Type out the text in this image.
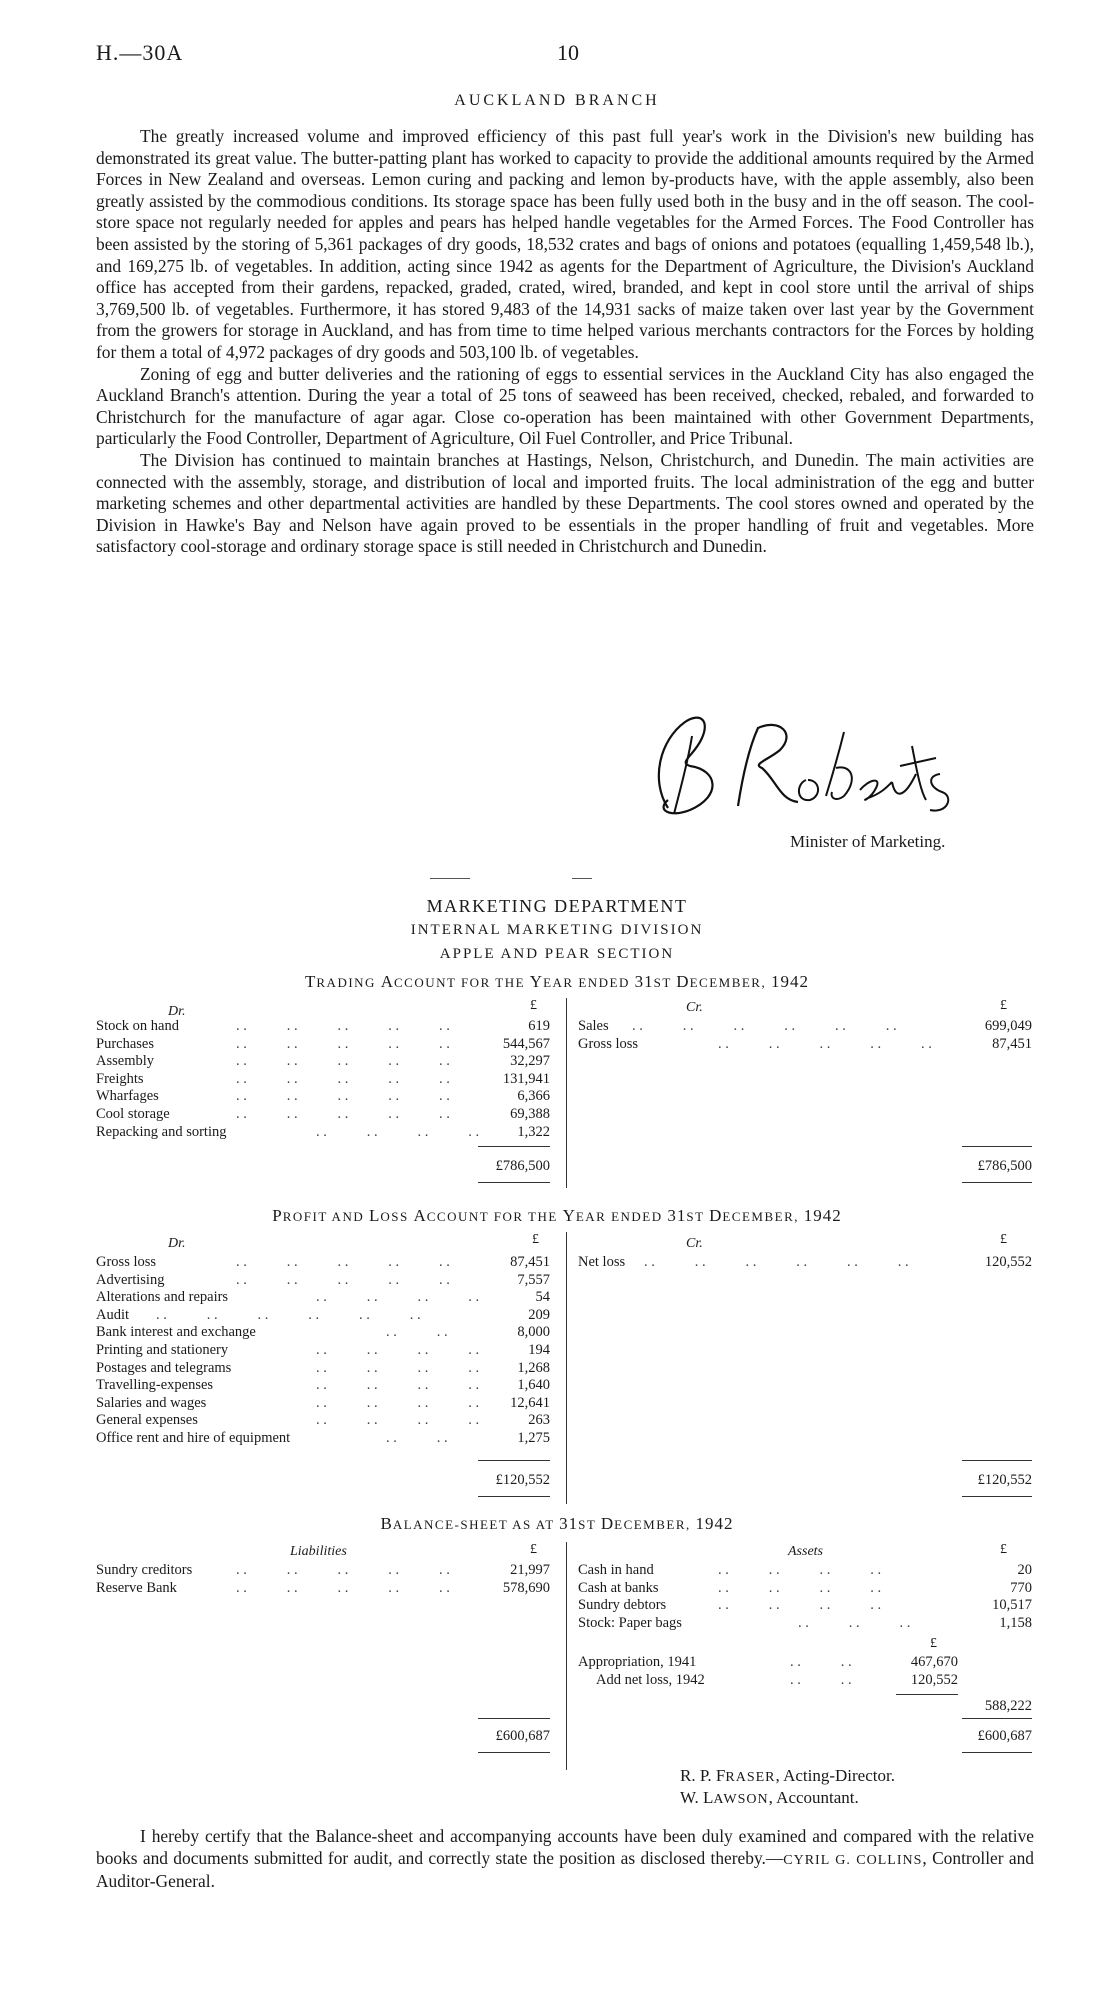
H.—30A	10
AUCKLAND BRANCH

The greatly increased volume and improved efficiency of this past full year's work in the Division's new building has demonstrated its great value. The butter-patting plant has worked to capacity to provide the additional amounts required by the Armed Forces in New Zealand and overseas. Lemon curing and packing and lemon by-products have, with the apple assembly, also been greatly assisted by the commodious conditions. Its storage space has been fully used both in the busy and in the off season. The cool-store space not regularly needed for apples and pears has helped handle vegetables for the Armed Forces. The Food Controller has been assisted by the storing of 5,361 packages of dry goods, 18,532 crates and bags of onions and potatoes (equalling 1,459,548 lb.), and 169,275 lb. of vegetables. In addition, acting since 1942 as agents for the Department of Agriculture, the Division's Auckland office has accepted from their gardens, repacked, graded, crated, wired, branded, and kept in cool store until the arrival of ships 3,769,500 lb. of vegetables. Furthermore, it has stored 9,483 of the 14,931 sacks of maize taken over last year by the Government from the growers for storage in Auckland, and has from time to time helped various merchants contractors for the Forces by holding for them a total of 4,972 packages of dry goods and 503,100 lb. of vegetables.

Zoning of egg and butter deliveries and the rationing of eggs to essential services in the Auckland City has also engaged the Auckland Branch's attention. During the year a total of 25 tons of seaweed has been received, checked, rebaled, and forwarded to Christchurch for the manufacture of agar agar. Close co-operation has been maintained with other Government Departments, particularly the Food Controller, Department of Agriculture, Oil Fuel Controller, and Price Tribunal.

The Division has continued to maintain branches at Hastings, Nelson, Christchurch, and Dunedin. The main activities are connected with the assembly, storage, and distribution of local and imported fruits. The local administration of the egg and butter marketing schemes and other departmental activities are handled by these Departments. The cool stores owned and operated by the Division in Hawke's Bay and Nelson have again proved to be essentials in the proper handling of fruit and vegetables. More satisfactory cool-storage and ordinary storage space is still needed in Christchurch and Dunedin.

Minister of Marketing.
MARKETING DEPARTMENT
INTERNAL MARKETING DIVISION
APPLE AND PEAR SECTION
TRADING ACCOUNT FOR THE YEAR ENDED 31ST DECEMBER, 1942
Dr.	£	Cr.	£
Stock on hand	. .           . .           . .           . .           . .	619
Purchases	. .           . .           . .           . .           . .	544,567
Assembly	. .           . .           . .           . .           . .	32,297
Freights	. .           . .           . .           . .           . .	131,941
Wharfages	. .           . .           . .           . .           . .	6,366
Cool storage	. .           . .           . .           . .           . .	69,388
Repacking and sorting	. .           . .           . .           . .	1,322
Sales . .           . .           . .           . .           . .           . .	699,049
Gross loss	. .           . .           . .           . .           . .	87,451
£786,500	£786,500
PROFIT AND LOSS ACCOUNT FOR THE YEAR ENDED 31ST DECEMBER, 1942
Dr.	£	Cr.	£
Gross loss	. .           . .           . .           . .           . .	87,451
Advertising	. .           . .           . .           . .           . .	7,557
Alterations and repairs	. .           . .           . .           . .	54
Audit . .           . .           . .           . .           . .           . .	209
Bank interest and exchange	. .           . .	8,000
Printing and stationery	. .           . .           . .           . .	194
Postages and telegrams	. .           . .           . .           . .	1,268
Travelling-expenses	. .           . .           . .           . .	1,640
Salaries and wages	. .           . .           . .           . . 12,641
General expenses	. .           . .           . .           . .	263
Office rent and hire of equipment	. .           . .	1,275
Net loss . .           . .           . .           . .           . .           . .	120,552
£120,552	£120,552
BALANCE-SHEET AS AT 31ST DECEMBER, 1942
Liabilities	£	Assets	£
Sundry creditors	. .           . .           . .           . .           . .	21,997
Reserve Bank	. .           . .           . .           . .           . .	578,690
Cash in hand	. .           . .           . .           . .	20
Cash at banks	. .           . .           . .           . .	770
Sundry debtors	. .           . .           . .           . .	10,517
Stock: Paper bags	. .           . .           . .	1,158
£
Appropriation, 1941	. .           . .	467,670
Add net loss, 1942	. .           . .	120,552
588,222
£600,687	£600,687
R. P. FRASER, Acting-Director.
W. LAWSON, Accountant.

I hereby certify that the Balance-sheet and accompanying accounts have been duly examined and compared with the relative books and documents submitted for audit, and correctly state the position as disclosed thereby.—CYRIL G. COLLINS, Controller and Auditor-General.
